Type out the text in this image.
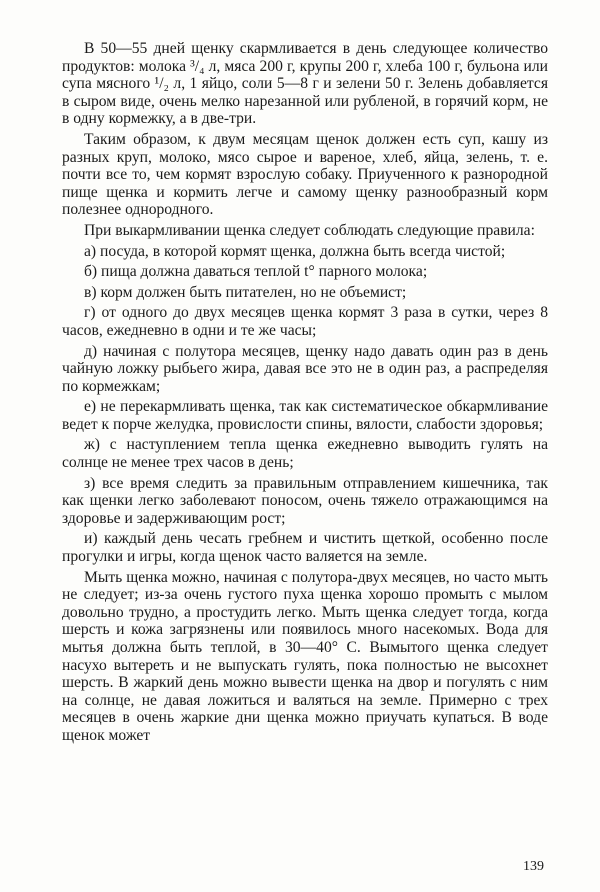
В 50—55 дней щенку скармливается в день следующее количество продуктов: молока ³/₄ л, мяса 200 г, крупы 200 г, хлеба 100 г, бульона или супа мясного ¹/₂ л, 1 яйцо, соли 5—8 г и зелени 50 г. Зелень добавляется в сыром виде, очень мелко нарезанной или рубленой, в горячий корм, не в одну кормежку, а в две-три.

Таким образом, к двум месяцам щенок должен есть суп, кашу из разных круп, молоко, мясо сырое и вареное, хлеб, яйца, зелень, т. е. почти все то, чем кормят взрослую собаку. Приученного к разнородной пище щенка и кормить легче и самому щенку разнообразный корм полезнее однородного.

При выкармливании щенка следует соблюдать следующие правила:

а) посуда, в которой кормят щенка, должна быть всегда чистой;

б) пища должна даваться теплой t° парного молока;

в) корм должен быть питателен, но не объемист;

г) от одного до двух месяцев щенка кормят 3 раза в сутки, через 8 часов, ежедневно в одни и те же часы;

д) начиная с полутора месяцев, щенку надо давать один раз в день чайную ложку рыбьего жира, давая все это не в один раз, а распределяя по кормежкам;

е) не перекармливать щенка, так как систематическое обкармливание ведет к порче желудка, провислости спины, вялости, слабости здоровья;

ж) с наступлением тепла щенка ежедневно выводить гулять на солнце не менее трех часов в день;

з) все время следить за правильным отправлением кишечника, так как щенки легко заболевают поносом, очень тяжело отражающимся на здоровье и задерживающим рост;

и) каждый день чесать гребнем и чистить щеткой, особенно после прогулки и игры, когда щенок часто валяется на земле.

Мыть щенка можно, начиная с полутора-двух месяцев, но часто мыть не следует; из-за очень густого пуха щенка хорошо промыть с мылом довольно трудно, а простудить легко. Мыть щенка следует тогда, когда шерсть и кожа загрязнены или появилось много насекомых. Вода для мытья должна быть теплой, в 30—40° С. Вымытого щенка следует насухо вытереть и не выпускать гулять, пока полностью не высохнет шерсть. В жаркий день можно вывести щенка на двор и погулять с ним на солнце, не давая ложиться и валяться на земле. Примерно с трех месяцев в очень жаркие дни щенка можно приучать купаться. В воде щенок может

139
